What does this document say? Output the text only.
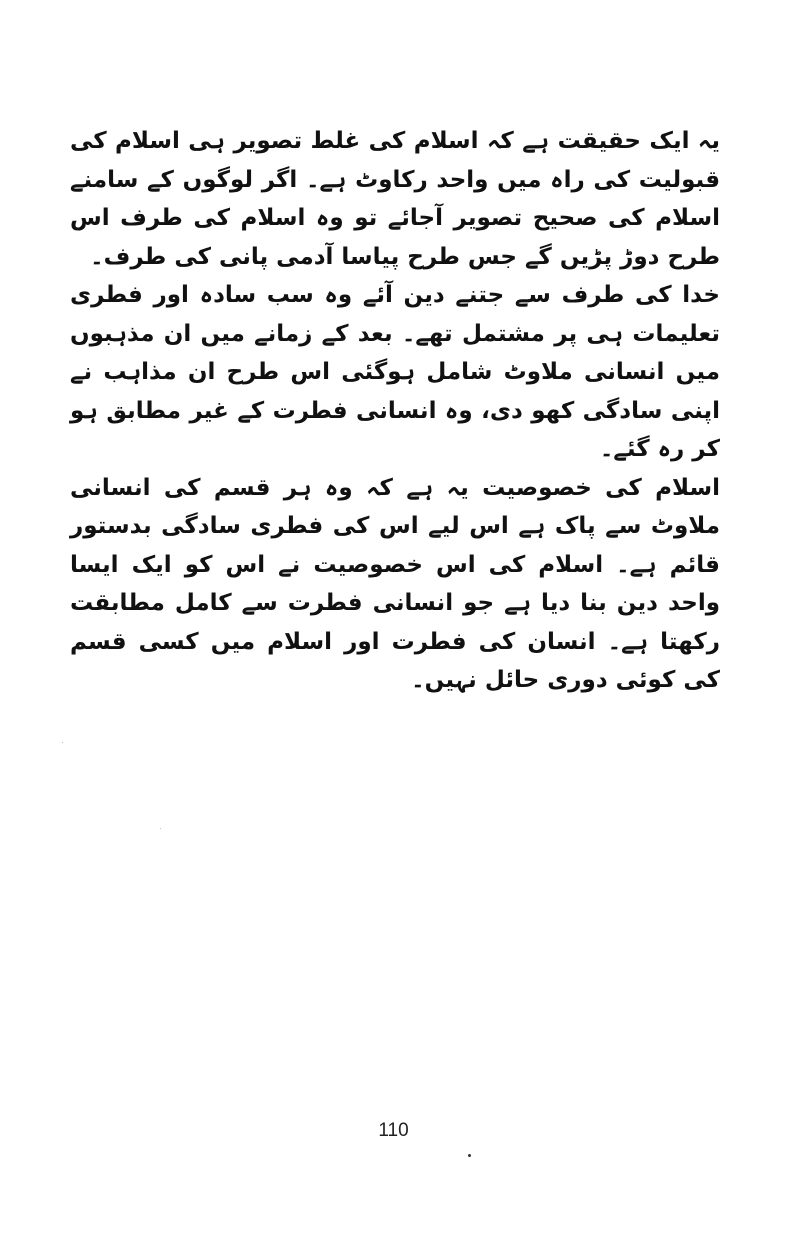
یہ ایک حقیقت ہے کہ اسلام کی غلط تصویر ہی اسلام کی قبولیت کی راہ میں واحد رکاوٹ ہے۔ اگر لوگوں کے سامنے اسلام کی صحیح تصویر آجائے تو وہ اسلام کی طرف اس طرح دوڑ پڑیں گے جس طرح پیاسا آدمی پانی کی طرف۔

خدا کی طرف سے جتنے دین آئے وہ سب سادہ اور فطری تعلیمات ہی پر مشتمل تھے۔ بعد کے زمانے میں ان مذہبوں میں انسانی ملاوٹ شامل ہوگئی اس طرح ان مذاہب نے اپنی سادگی کھو دی، وہ انسانی فطرت کے غیر مطابق ہو کر رہ گئے۔

اسلام کی خصوصیت یہ ہے کہ وہ ہر قسم کی انسانی ملاوٹ سے پاک ہے اس لیے اس کی فطری سادگی بدستور قائم ہے۔ اسلام کی اس خصوصیت نے اس کو ایک ایسا واحد دین بنا دیا ہے جو انسانی فطرت سے کامل مطابقت رکھتا ہے۔ انسان کی فطرت اور اسلام میں کسی قسم کی کوئی دوری حائل نہیں۔

110
